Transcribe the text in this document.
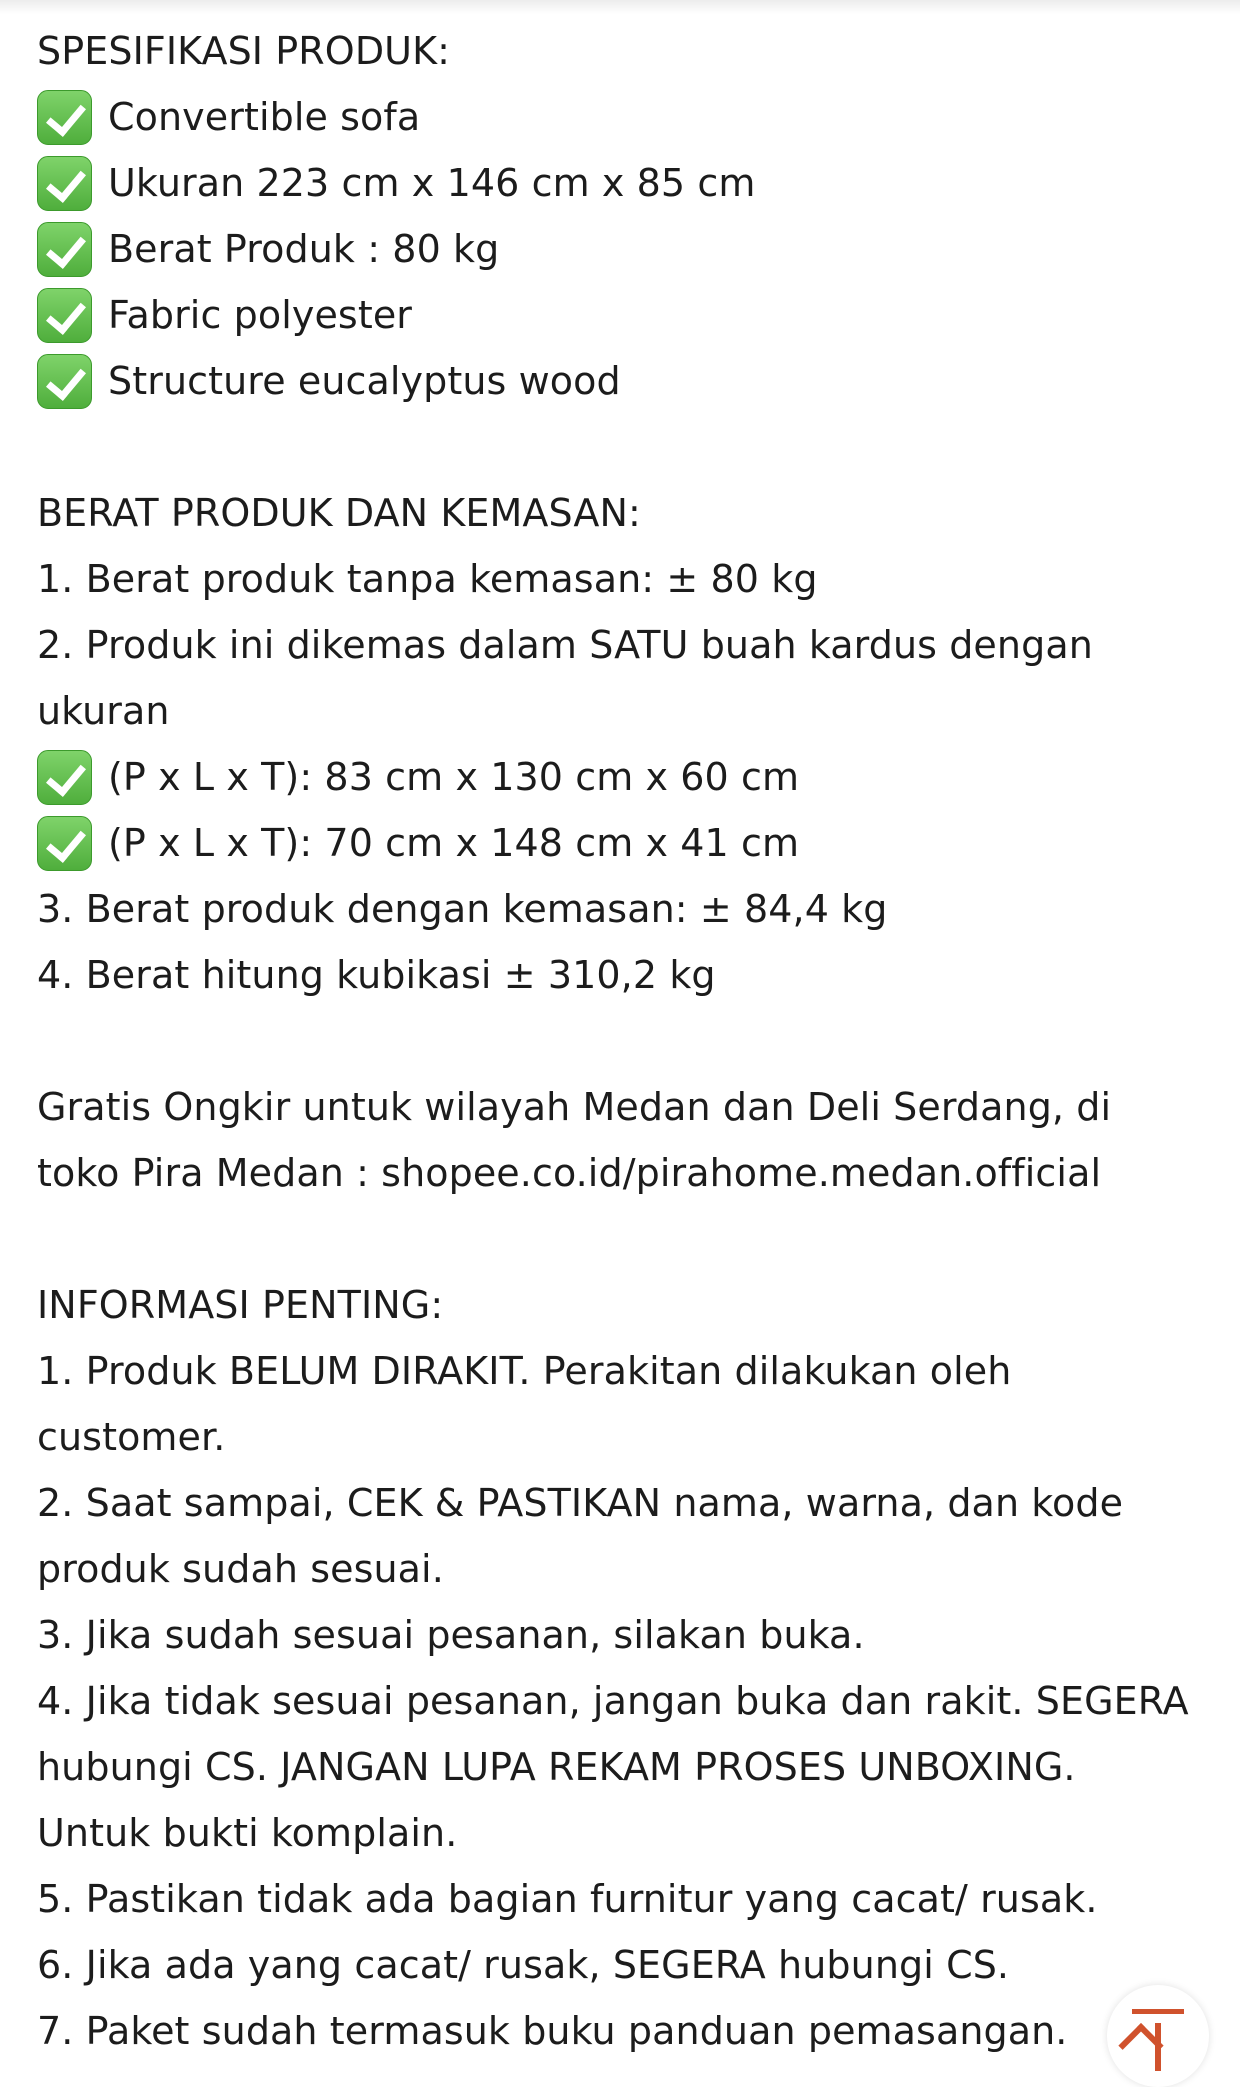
SPESIFIKASI PRODUK:
Convertible sofa
Ukuran 223 cm x 146 cm x 85 cm
Berat Produk : 80 kg
Fabric polyester
Structure eucalyptus wood
BERAT PRODUK DAN KEMASAN:
1. Berat produk tanpa kemasan: ± 80 kg
2. Produk ini dikemas dalam SATU buah kardus dengan
ukuran
(P x L x T): 83 cm x 130 cm x 60 cm
(P x L x T): 70 cm x 148 cm x 41 cm
3. Berat produk dengan kemasan: ± 84,4 kg
4. Berat hitung kubikasi ± 310,2 kg
Gratis Ongkir untuk wilayah Medan dan Deli Serdang, di
toko Pira Medan : shopee.co.id/pirahome.medan.official
INFORMASI PENTING:
1. Produk BELUM DIRAKIT. Perakitan dilakukan oleh
customer.
2. Saat sampai, CEK & PASTIKAN nama, warna, dan kode
produk sudah sesuai.
3. Jika sudah sesuai pesanan, silakan buka.
4. Jika tidak sesuai pesanan, jangan buka dan rakit. SEGERA
hubungi CS. JANGAN LUPA REKAM PROSES UNBOXING.
Untuk bukti komplain.
5. Pastikan tidak ada bagian furnitur yang cacat/ rusak.
6. Jika ada yang cacat/ rusak, SEGERA hubungi CS.
7. Paket sudah termasuk buku panduan pemasangan.
